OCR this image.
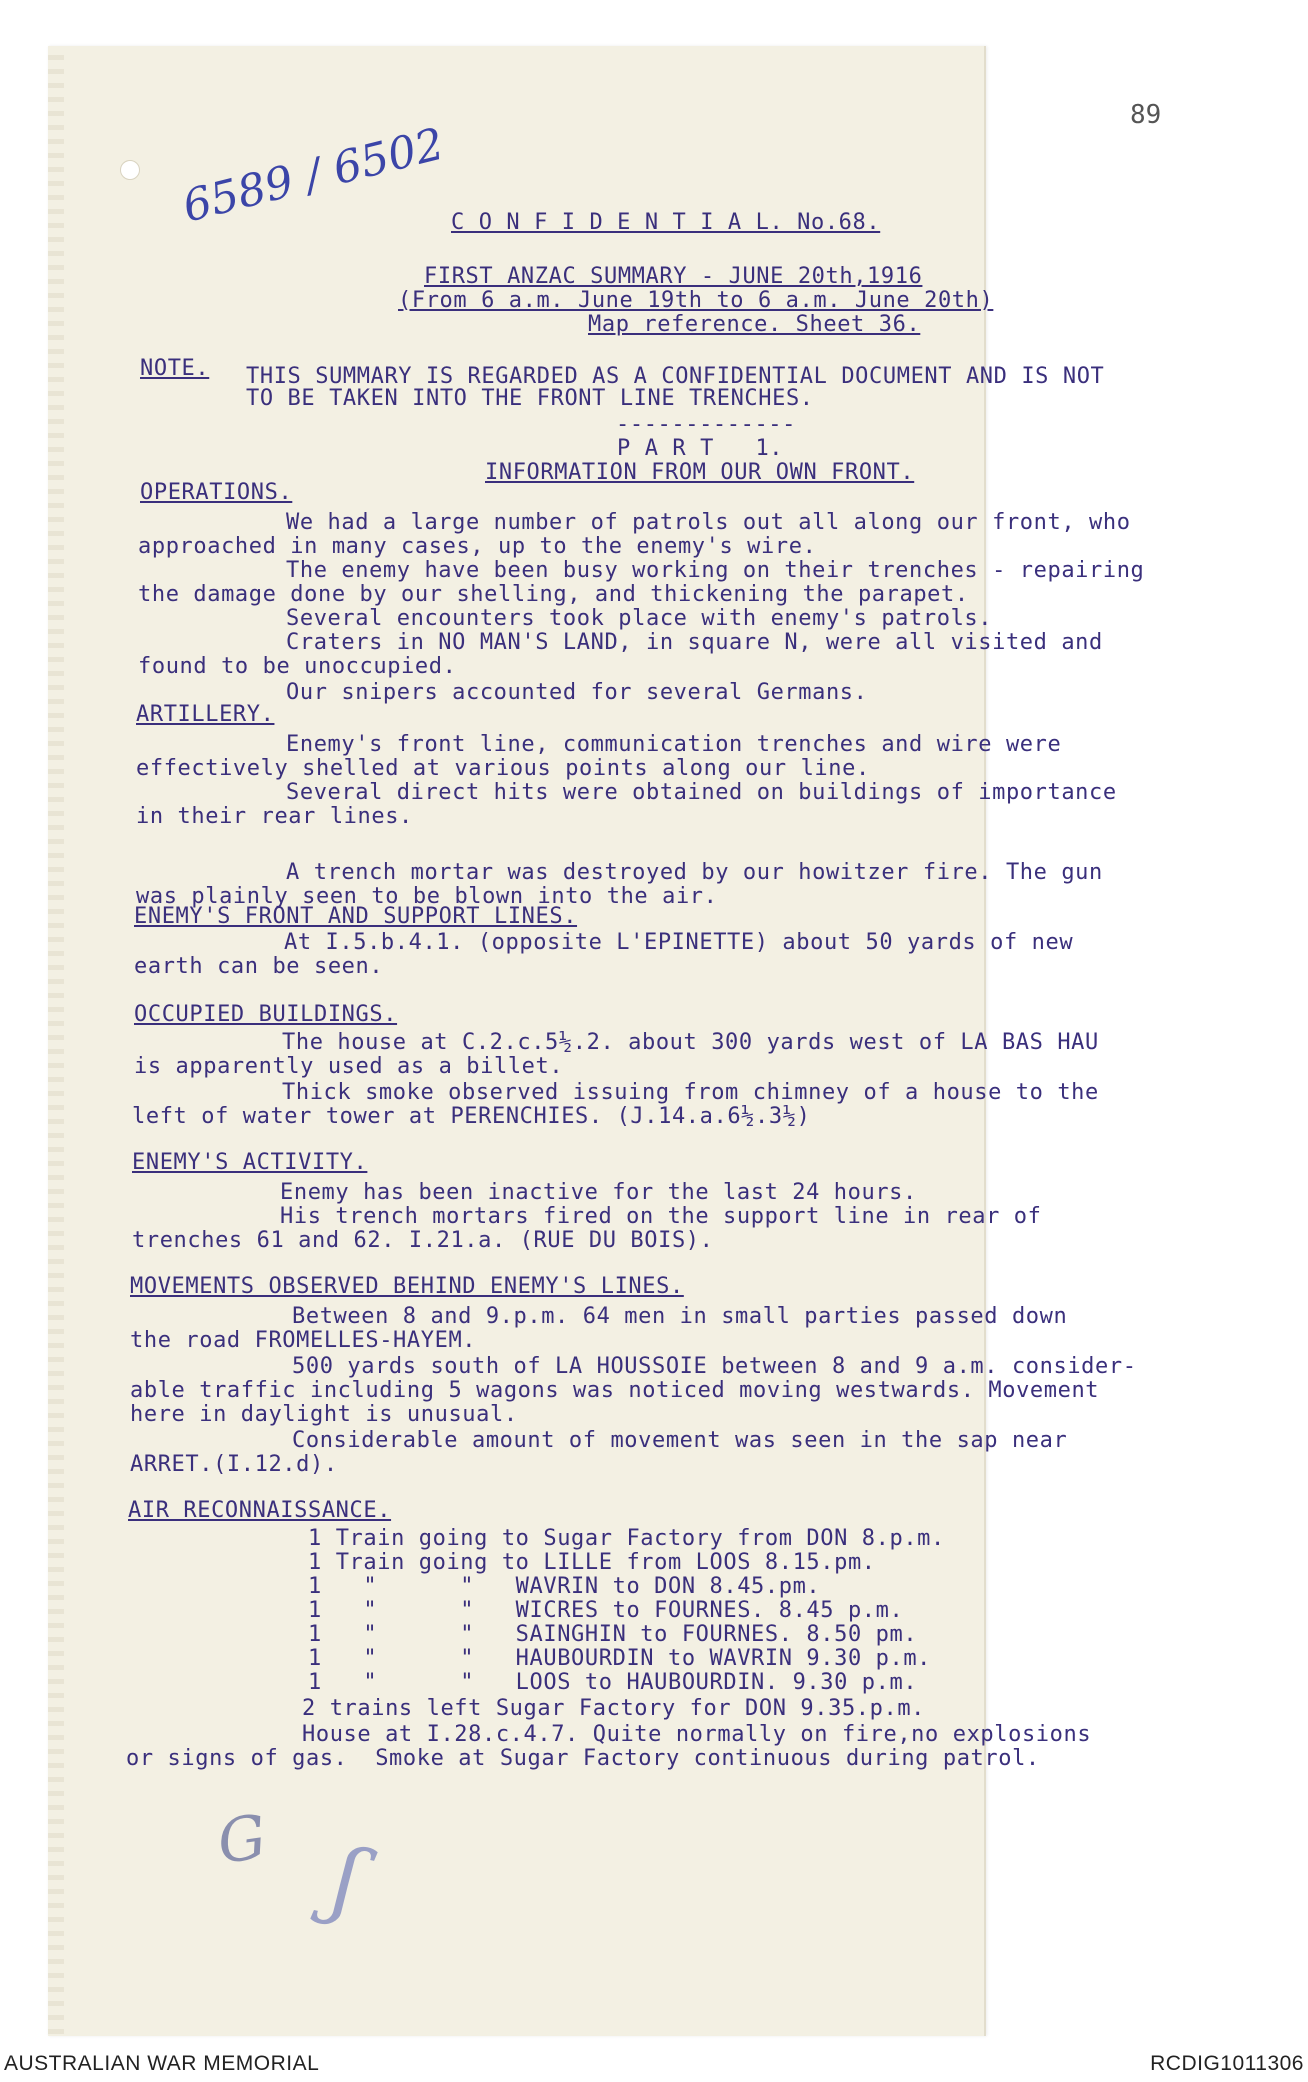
89
6589 / 6502
G ʃ
C O N F I D E N T I A L. No.68.
FIRST ANZAC SUMMARY - JUNE 20th,1916
(From 6 a.m. June 19th to 6 a.m. June 20th)
Map reference. Sheet 36.
NOTE. THIS SUMMARY IS REGARDED AS A CONFIDENTIAL DOCUMENT AND IS NOT
TO BE TAKEN INTO THE FRONT LINE TRENCHES.
-------------
P A R T   1.
INFORMATION FROM OUR OWN FRONT.
OPERATIONS.
We had a large number of patrols out all along our front, who
approached in many cases, up to the enemy's wire.
The enemy have been busy working on their trenches - repairing
the damage done by our shelling, and thickening the parapet.
Several encounters took place with enemy's patrols.
Craters in NO MAN'S LAND, in square N, were all visited and
found to be unoccupied.
Our snipers accounted for several Germans.
ARTILLERY.
Enemy's front line, communication trenches and wire were
effectively shelled at various points along our line.
Several direct hits were obtained on buildings of importance
in their rear lines.
A trench mortar was destroyed by our howitzer fire. The gun
was plainly seen to be blown into the air.
ENEMY'S FRONT AND SUPPORT LINES.
At I.5.b.4.1. (opposite L'EPINETTE) about 50 yards of new
earth can be seen.
OCCUPIED BUILDINGS.
The house at C.2.c.5½.2. about 300 yards west of LA BAS HAU
is apparently used as a billet.
Thick smoke observed issuing from chimney of a house to the
left of water tower at PERENCHIES. (J.14.a.6½.3½)
ENEMY'S ACTIVITY.
Enemy has been inactive for the last 24 hours.
His trench mortars fired on the support line in rear of
trenches 61 and 62. I.21.a. (RUE DU BOIS).
MOVEMENTS OBSERVED BEHIND ENEMY'S LINES.
Between 8 and 9.p.m. 64 men in small parties passed down
the road FROMELLES-HAYEM.
500 yards south of LA HOUSSOIE between 8 and 9 a.m. consider-
able traffic including 5 wagons was noticed moving westwards. Movement
here in daylight is unusual.
Considerable amount of movement was seen in the sap near
ARRET.(I.12.d).
AIR RECONNAISSANCE.
1 Train going to Sugar Factory from DON 8.p.m.
1 Train going to LILLE from LOOS 8.15.pm.
1   "      "   WAVRIN to DON 8.45.pm.
1   "      "   WICRES to FOURNES. 8.45 p.m.
1   "      "   SAINGHIN to FOURNES. 8.50 pm.
1   "      "   HAUBOURDIN to WAVRIN 9.30 p.m.
1   "      "   LOOS to HAUBOURDIN. 9.30 p.m.
2 trains left Sugar Factory for DON 9.35.p.m.
House at I.28.c.4.7. Quite normally on fire,no explosions
or signs of gas.  Smoke at Sugar Factory continuous during patrol.
AUSTRALIAN WAR MEMORIAL	RCDIG1011306
